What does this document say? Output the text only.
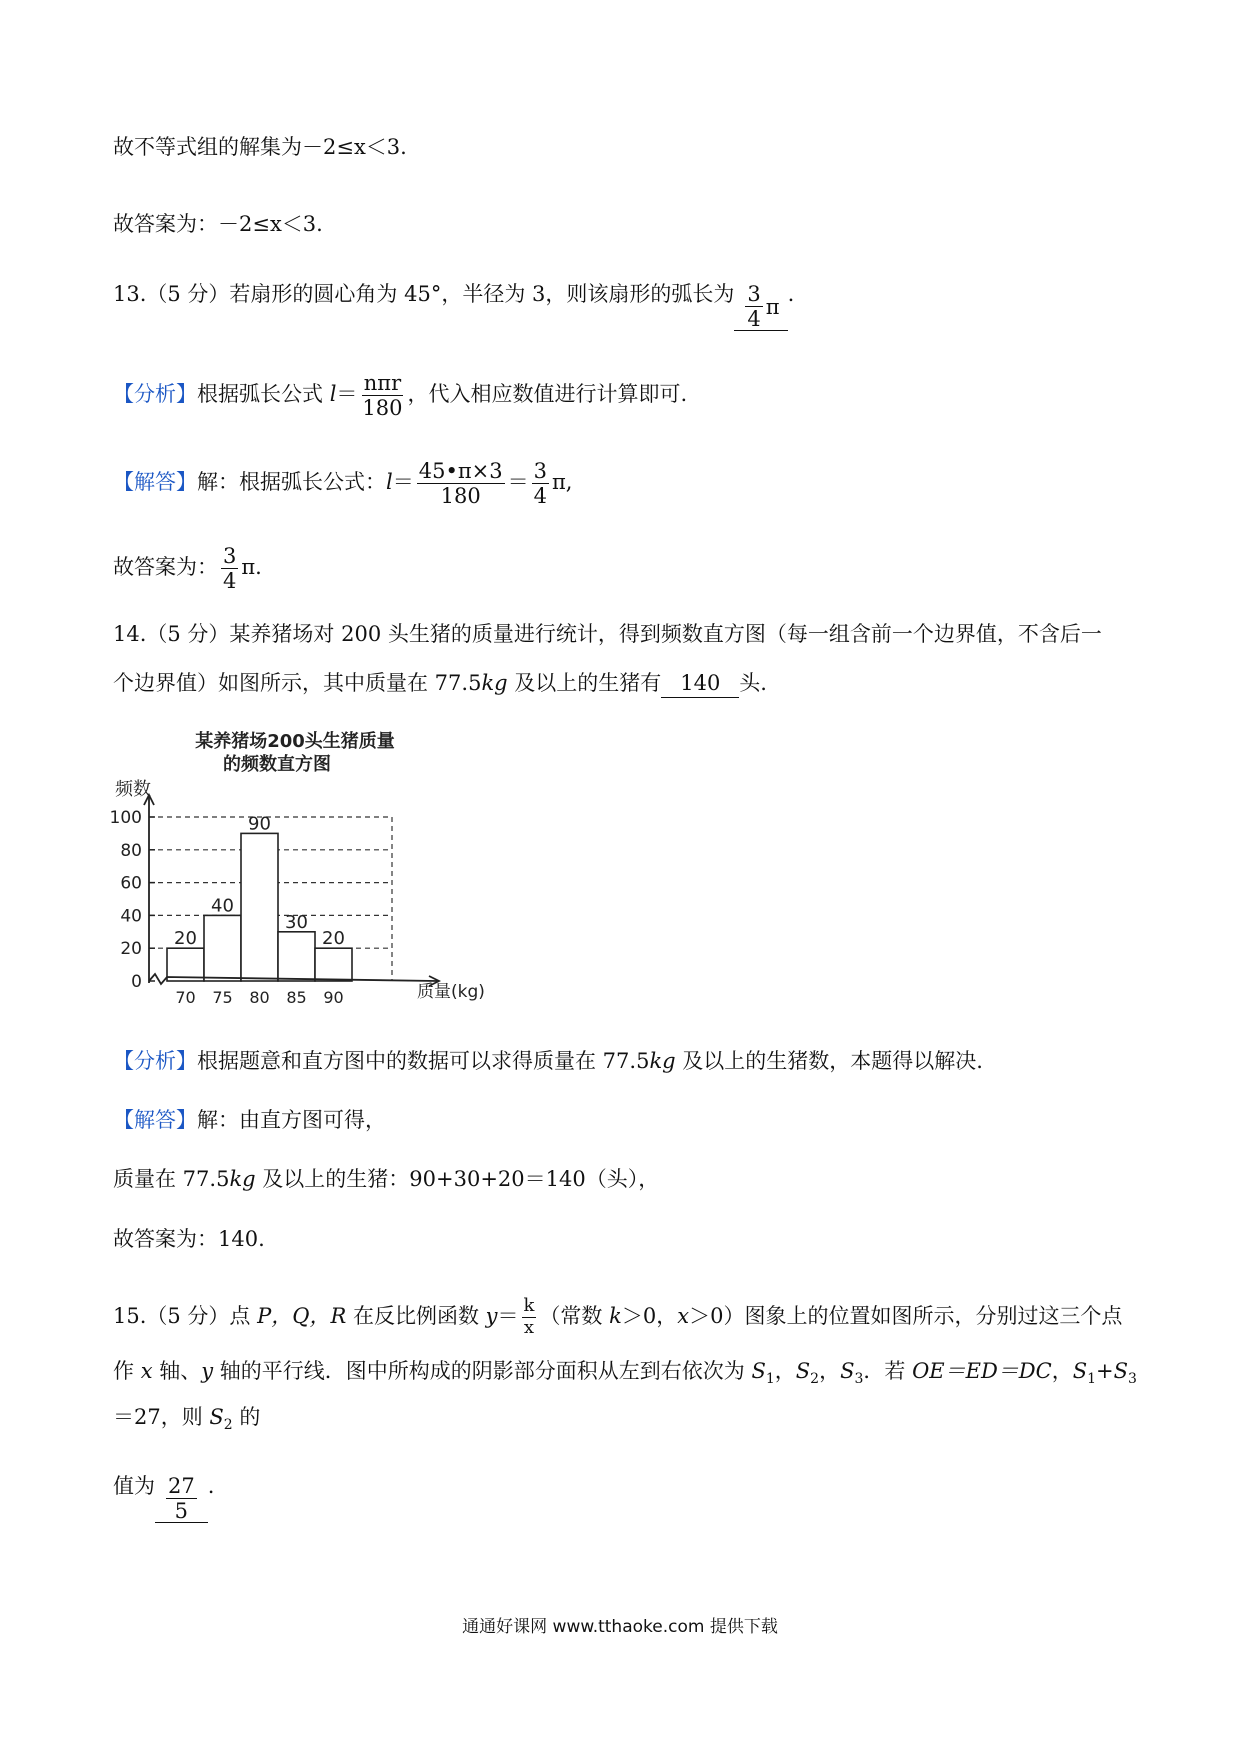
故不等式组的解集为－2≤x＜3.
故答案为：－2≤x＜3.
13.（5 分）若扇形的圆心角为 45°，半径为 3，则该扇形的弧长为 $\frac{3}{4}$ π
.
【分析】根据弧长公式 $l= \frac{\text{nπr}}{180}$ ，代入相应数值进行计算即可.
【解答】解：根据弧长公式：$l= \frac{45•\pi\times 3}{180} = \frac{3}{4} \pi$,
故答案为： $\frac{3}{4} \pi$.
14.（5 分）某养猪场对 200 头生猪的质量进行统计，得到频数直方图（每一组含前一个边界值，不含后一
个边界值）如图所示，其中质量在 77.5kg 及以上的生猪有 140 头.
某养猪场200头生猪质量
的频数直方图
频数
质量(kg)
0
20
40
60
80
100
20
40
90
30
20
70 75 80 85 90
【分析】根据题意和直方图中的数据可以求得质量在 77.5kg 及以上的生猪数，本题得以解决.
【解答】解：由直方图可得，
质量在 77.5kg 及以上的生猪：90+30+20＝140（头），
故答案为：140.
15.（5 分）点 P，Q，R 在反比例函数 $y= \frac{k}{x}$ （常数 k＞0，x＞0）图象上的位置如图所示，分别过这三个点
作 x 轴、y 轴的平行线．图中所构成的阴影部分面积从左到右依次为 $S_1$，$S_2$，$S_3$．若 OE＝ED＝DC，$S_1+S_3$
＝27，则 $S_2$ 的
值为 $\frac{27}{5}$ .
通通好课网 www.tthaoke.com 提供下载
